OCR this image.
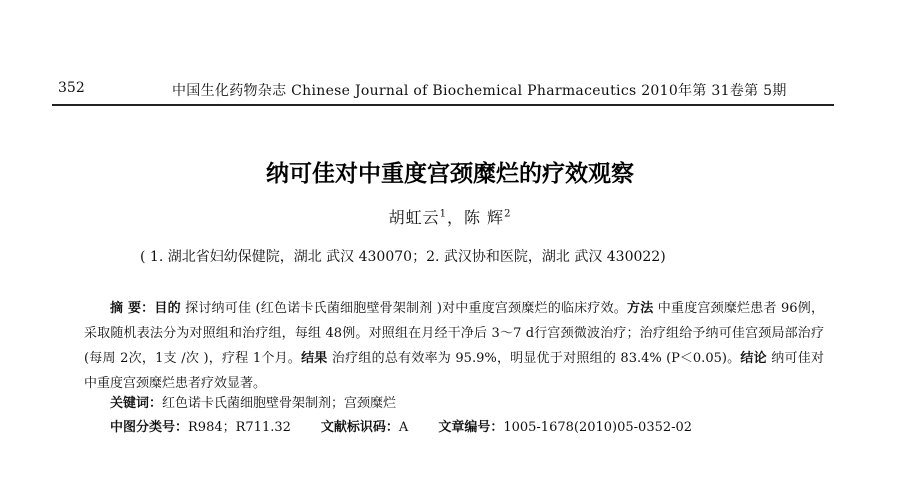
352	中国生化药物杂志 Chinese Journal of Biochemical Pharmaceutics 2010年第 31卷第 5期
纳可佳对中重度宫颈糜烂的疗效观察
胡虹云$^1$，陈 辉$^2$
( 1. 湖北省妇幼保健院，湖北 武汉 430070；2. 武汉协和医院，湖北 武汉 430022)

摘 要：目的 探讨纳可佳 (红色诺卡氏菌细胞壁骨架制剂 )对中重度宫颈糜烂的临床疗效。方法 中重度宫颈糜烂患者 96例，采取随机表法分为对照组和治疗组，每组 48例。对照组在月经干净后 3～7 d行宫颈微波治疗；治疗组给予纳可佳宫颈局部治疗 (每周 2次，1支 /次 )，疗程 1个月。结果 治疗组的总有效率为 95.9%，明显优于对照组的 83.4% (P＜0.05)。结论 纳可佳对中重度宫颈糜烂患者疗效显著。

关键词：红色诺卡氏菌细胞壁骨架制剂；宫颈糜烂
中图分类号：R984；R711.32 文献标识码：A 文章编号：1005-1678(2010)05-0352-02
